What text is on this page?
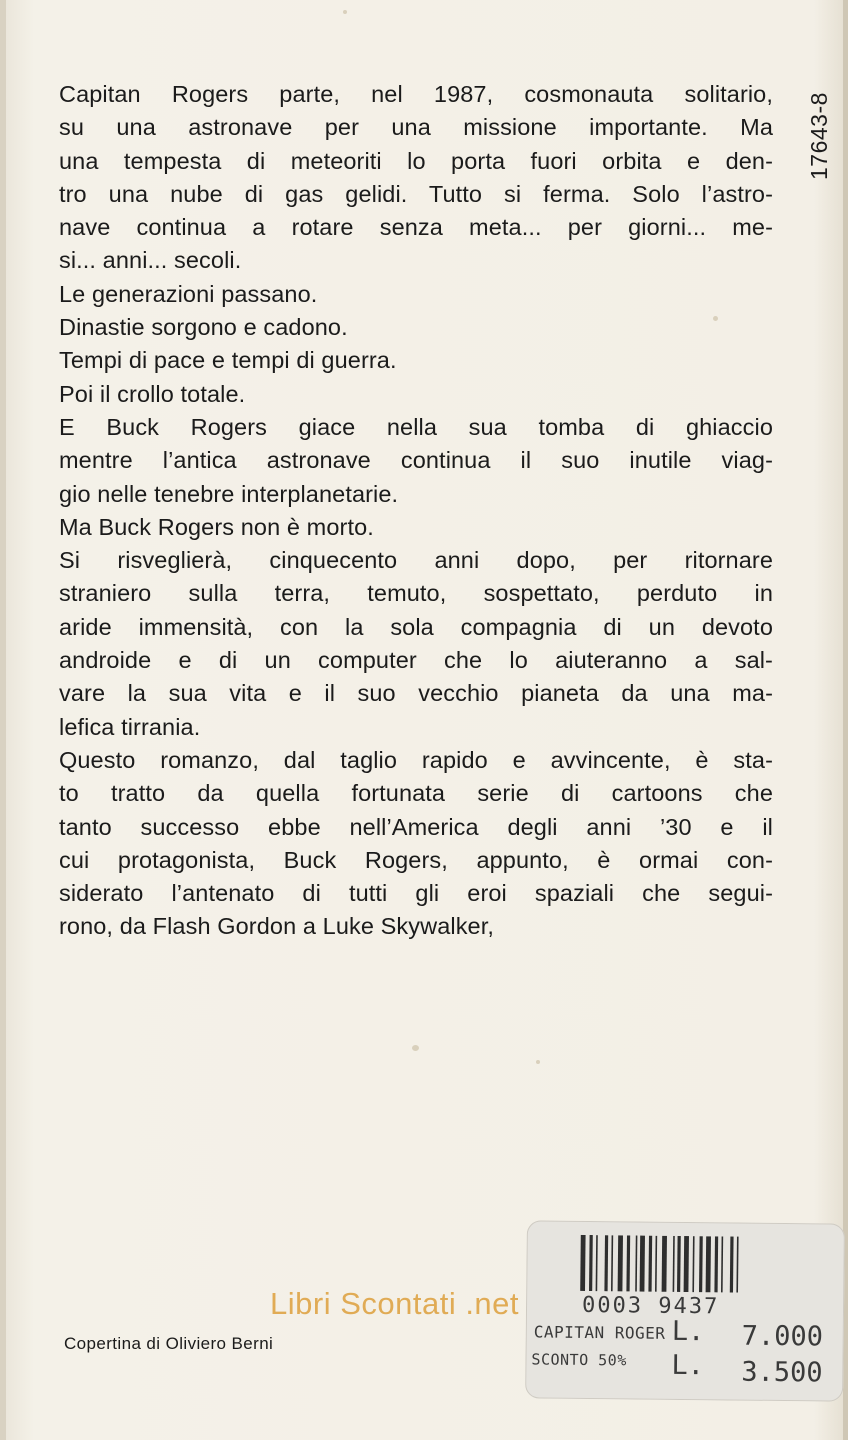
17643-8
Capitan Rogers parte, nel 1987, cosmonauta solitario,
su una astronave per una missione importante. Ma
una tempesta di meteoriti lo porta fuori orbita e den-
tro una nube di gas gelidi. Tutto si ferma. Solo l’astro-
nave continua a rotare senza meta... per giorni... me-
si... anni... secoli.
Le generazioni passano.
Dinastie sorgono e cadono.
Tempi di pace e tempi di guerra.
Poi il crollo totale.
E Buck Rogers giace nella sua tomba di ghiaccio
mentre l’antica astronave continua il suo inutile viag-
gio nelle tenebre interplanetarie.
Ma Buck Rogers non è morto.
Si risveglierà, cinquecento anni dopo, per ritornare
straniero sulla terra, temuto, sospettato, perduto in
aride immensità, con la sola compagnia di un devoto
androide e di un computer che lo aiuteranno a sal-
vare la sua vita e il suo vecchio pianeta da una ma-
lefica tirrania.
Questo romanzo, dal taglio rapido e avvincente, è sta-
to tratto da quella fortunata serie di cartoons che
tanto successo ebbe nell’America degli anni ’30 e il
cui protagonista, Buck Rogers, appunto, è ormai con-
siderato l’antenato di tutti gli eroi spaziali che segui-
rono, da Flash Gordon a Luke Skywalker,
Copertina di Oliviero Berni
0003 9437
CAPITAN ROGER L. 7.000
SCONTO 50% L. 3.500
Libri Scontati .net
